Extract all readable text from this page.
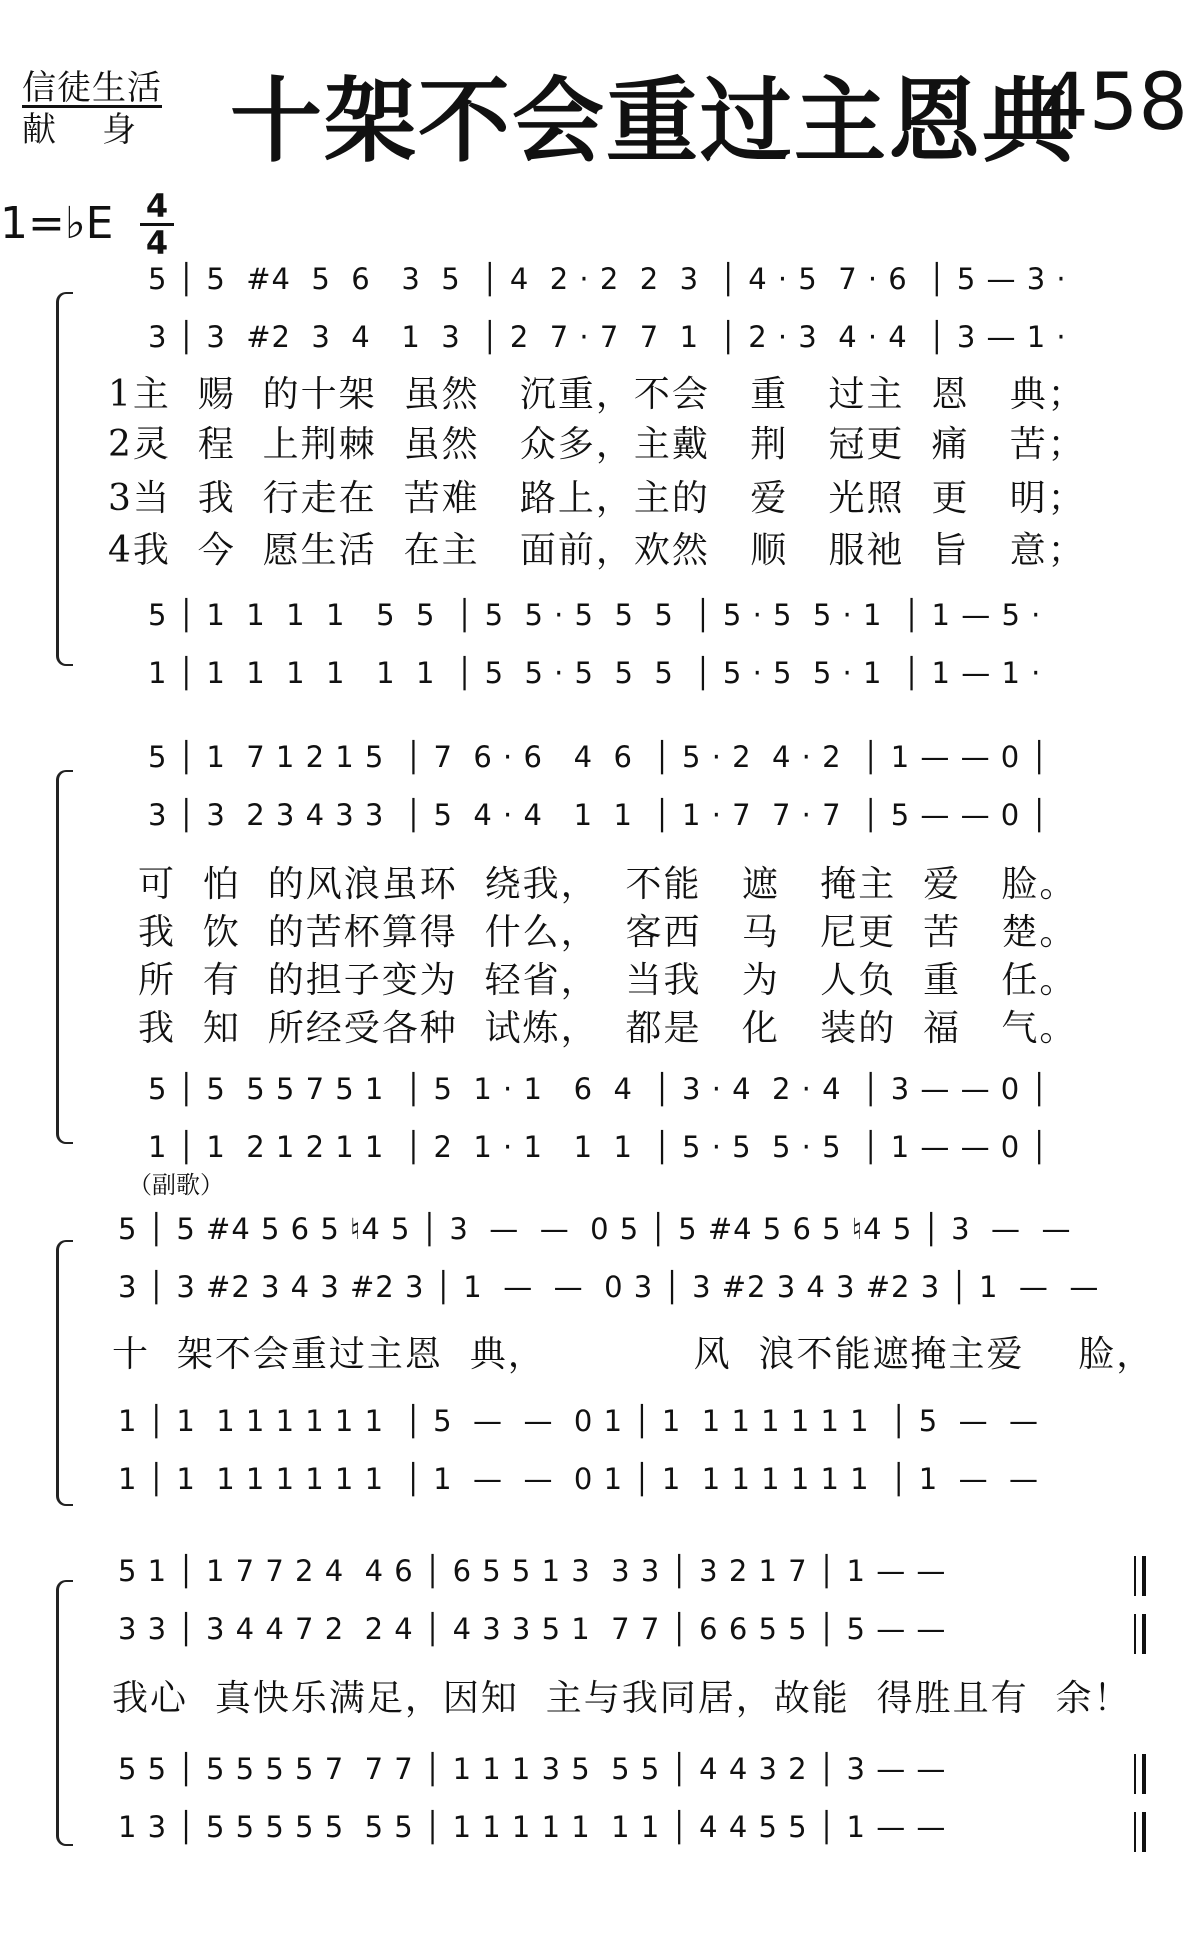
信徒生活
献　身 十架不会重过主恩典
458
1=♭E 4
4
5 │ 5  #4  5  6   3  5  │ 4  2 · 2  2  3  │ 4 · 5  7 · 6  │ 5 — 3 ·
3 │ 3  #2  3  4   1  3  │ 2  7 · 7  7  1  │ 2 · 3  4 · 4  │ 3 — 1 ·
1主  赐  的十架  虽然   沉重，不会   重   过主  恩   典；
2灵  程  上荆棘  虽然   众多，主戴   荆   冠更  痛   苦；
3当  我  行走在  苦难   路上，主的   爱   光照  更   明；
4我  今  愿生活  在主   面前，欢然   顺   服祂  旨   意；
5 │ 1  1  1  1   5  5  │ 5  5 · 5  5  5  │ 5 · 5  5 · 1  │ 1 — 5 ·
1 │ 1  1  1  1   1  1  │ 5  5 · 5  5  5  │ 5 · 5  5 · 1  │ 1 — 1 ·
5 │ 1  7 1 2 1 5  │ 7  6 · 6   4  6  │ 5 · 2  4 · 2  │ 1 — — 0 │
3 │ 3  2 3 4 3 3  │ 5  4 · 4   1  1  │ 1 · 7  7 · 7  │ 5 — — 0 │
可  怕  的风浪虽环  绕我，  不能   遮   掩主  爱   脸。
我  饮  的苦杯算得  什么，  客西   马   尼更  苦   楚。
所  有  的担子变为  轻省，  当我   为   人负  重   任。
我  知  所经受各种  试炼，  都是   化   装的  福   气。
5 │ 5  5 5 7 5 1  │ 5  1 · 1   6  4  │ 3 · 4  2 · 4  │ 3 — — 0 │
1 │ 1  2 1 2 1 1  │ 2  1 · 1   1  1  │ 5 · 5  5 · 5  │ 1 — — 0 │
（副歌）
5 │ 5 #4 5 6 5 ♮4 5 │ 3  —  —  0 5 │ 5 #4 5 6 5 ♮4 5 │ 3  —  —
3 │ 3 #2 3 4 3 #2 3 │ 1  —  —  0 3 │ 3 #2 3 4 3 #2 3 │ 1  —  —
十  架不会重过主恩  典，           风  浪不能遮掩主爱    脸，
1 │ 1  1 1 1 1 1 1  │ 5  —  —  0 1 │ 1  1 1 1 1 1 1  │ 5  —  —
1 │ 1  1 1 1 1 1 1  │ 1  —  —  0 1 │ 1  1 1 1 1 1 1  │ 1  —  —
5 1 │ 1 7 7 2 4  4 6 │ 6 5 5 1 3  3 3 │ 3 2 1 7 │ 1 — —
3 3 │ 3 4 4 7 2  2 4 │ 4 3 3 5 1  7 7 │ 6 6 5 5 │ 5 — —
我心  真快乐满足，因知  主与我同居，故能  得胜且有  余！
5 5 │ 5 5 5 5 7  7 7 │ 1 1 1 3 5  5 5 │ 4 4 3 2 │ 3 — —
1 3 │ 5 5 5 5 5  5 5 │ 1 1 1 1 1  1 1 │ 4 4 5 5 │ 1 — —
